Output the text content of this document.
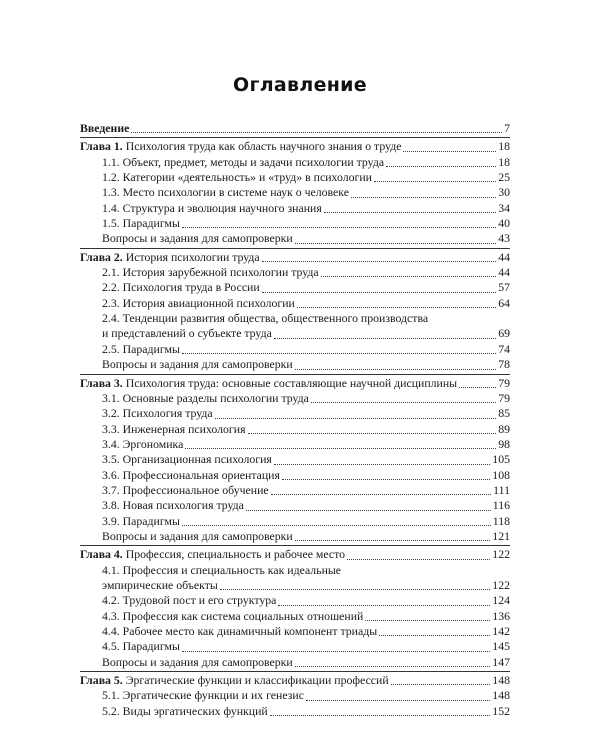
Оглавление
Введение	7
Глава 1. Психология труда как область научного знания о труде	18
1.1. Объект, предмет, методы и задачи психологии труда	18
1.2. Категории «деятельность» и «труд» в психологии	25
1.3. Место психологии в системе наук о человеке	30
1.4. Структура и эволюция научного знания	34
1.5. Парадигмы	40
Вопросы и задания для самопроверки	43
Глава 2. История психологии труда	44
2.1. История зарубежной психологии труда	44
2.2. Психология труда в России	57
2.3. История авиационной психологии	64
2.4. Тенденции развития общества, общественного производства
и представлений о субъекте труда	69
2.5. Парадигмы	74
Вопросы и задания для самопроверки	78
Глава 3. Психология труда: основные составляющие научной дисциплины	79
3.1. Основные разделы психологии труда	79
3.2. Психология труда	85
3.3. Инженерная психология	89
3.4. Эргономика	98
3.5. Организационная психология	105
3.6. Профессиональная ориентация	108
3.7. Профессиональное обучение	111
3.8. Новая психология труда	116
3.9. Парадигмы	118
Вопросы и задания для самопроверки	121
Глава 4. Профессия, специальность и рабочее место	122
4.1. Профессия и специальность как идеальные
эмпирические объекты	122
4.2. Трудовой пост и его структура	124
4.3. Профессия как система социальных отношений	136
4.4. Рабочее место как динамичный компонент триады	142
4.5. Парадигмы	145
Вопросы и задания для самопроверки	147
Глава 5. Эргатические функции и классификации профессий	148
5.1. Эргатические функции и их генезис	148
5.2. Виды эргатических функций	152
